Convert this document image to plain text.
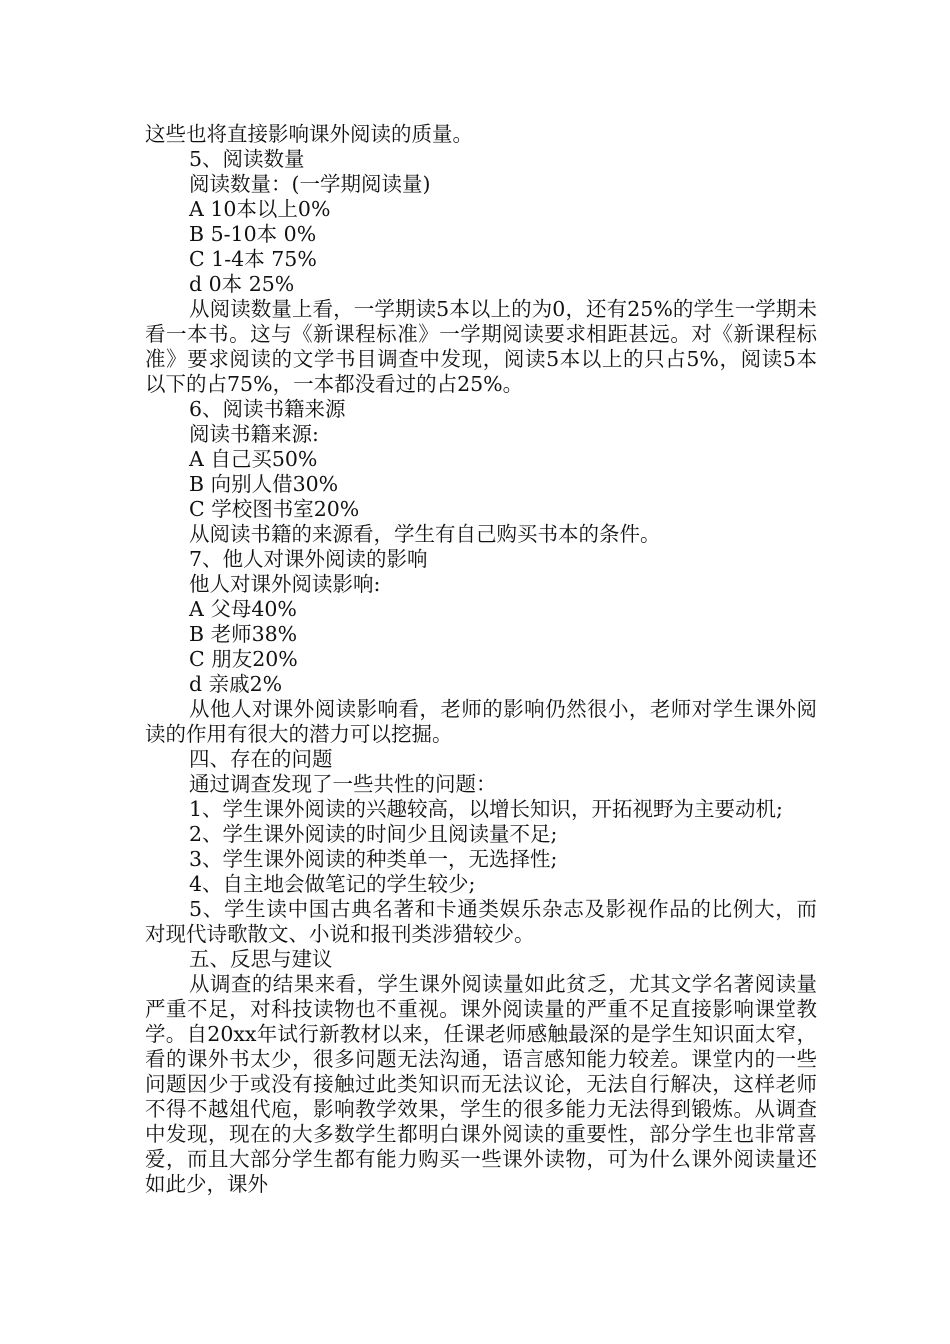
这些也将直接影响课外阅读的质量。

5、阅读数量

阅读数量：(一学期阅读量)

A 10本以上0%

B 5-10本 0%

C 1-4本 75%

d 0本 25%

从阅读数量上看，一学期读5本以上的为0，还有25%的学生一学期未看一本书。这与《新课程标准》一学期阅读要求相距甚远。对《新课程标准》要求阅读的文学书目调查中发现，阅读5本以上的只占5%，阅读5本以下的占75%，一本都没看过的占25%。

6、阅读书籍来源

阅读书籍来源:

A 自己买50%

B 向别人借30%

C 学校图书室20%

从阅读书籍的来源看，学生有自己购买书本的条件。

7、他人对课外阅读的影响

他人对课外阅读影响:

A 父母40%

B 老师38%

C 朋友20%

d 亲戚2%

从他人对课外阅读影响看，老师的影响仍然很小，老师对学生课外阅读的作用有很大的潜力可以挖掘。

四、存在的问题

通过调查发现了一些共性的问题：

1、学生课外阅读的兴趣较高，以增长知识，开拓视野为主要动机;

2、学生课外阅读的时间少且阅读量不足;

3、学生课外阅读的种类单一，无选择性;

4、自主地会做笔记的学生较少;

5、学生读中国古典名著和卡通类娱乐杂志及影视作品的比例大，而对现代诗歌散文、小说和报刊类涉猎较少。

五、反思与建议

从调查的结果来看，学生课外阅读量如此贫乏，尤其文学名著阅读量严重不足，对科技读物也不重视。课外阅读量的严重不足直接影响课堂教学。自20xx年试行新教材以来，任课老师感触最深的是学生知识面太窄，看的课外书太少，很多问题无法沟通，语言感知能力较差。课堂内的一些问题因少于或没有接触过此类知识而无法议论，无法自行解决，这样老师不得不越俎代庖，影响教学效果，学生的很多能力无法得到锻炼。从调查中发现，现在的大多数学生都明白课外阅读的重要性，部分学生也非常喜爱，而且大部分学生都有能力购买一些课外读物，可为什么课外阅读量还如此少，课外
